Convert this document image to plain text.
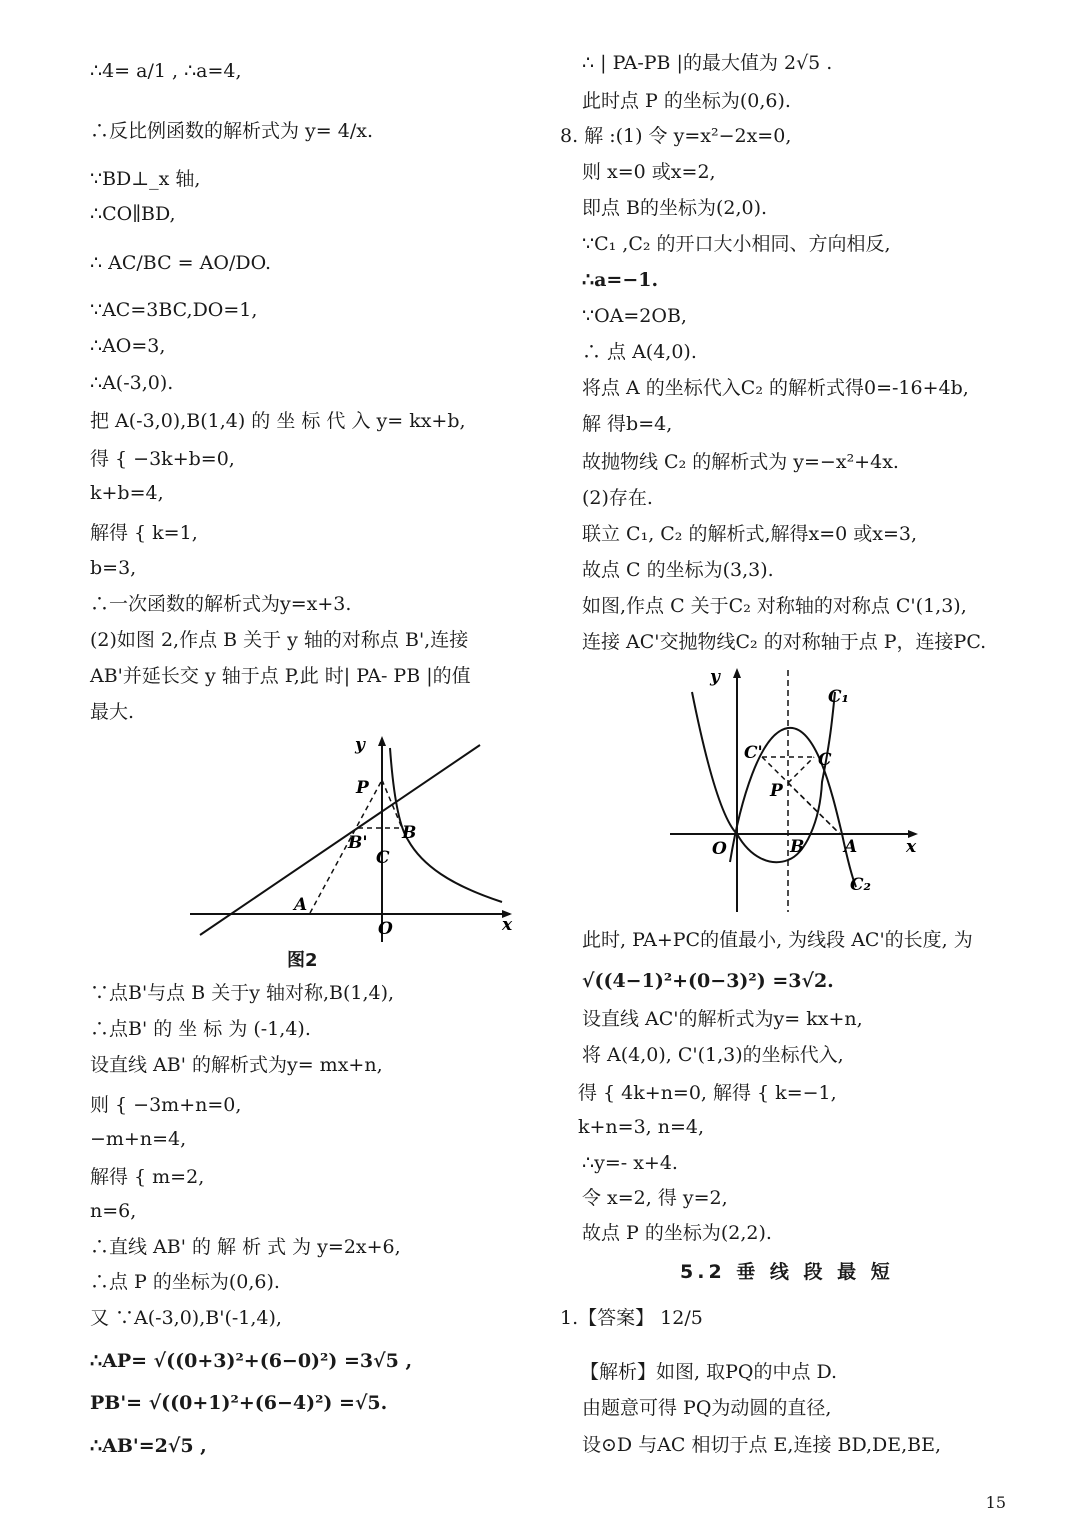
∴4= a/1 , ∴a=4,
∴反比例函数的解析式为 y= 4/x.
∵BD⊥_x 轴,
∴CO∥BD,
∴ AC/BC = AO/DO.
∵AC=3BC,DO=1,
∴AO=3,
∴A(-3,0).
把 A(-3,0),B(1,4) 的 坐 标 代 入 y= kx+b,
得 { −3k+b=0,
k+b=4,
解得 { k=1,
b=3,
∴一次函数的解析式为y=x+3.
(2)如图 2,作点 B 关于 y 轴的对称点 B',连接
AB'并延长交 y 轴于点 P,此 时| PA- PB |的值
最大.
y
x
P
B
B'
C
A
O
图2
∵点B'与点 B 关于y 轴对称,B(1,4),
∴点B' 的 坐 标 为 (-1,4).
设直线 AB' 的解析式为y= mx+n,
则 { −3m+n=0,
−m+n=4,
解得 { m=2,
n=6,
∴直线 AB' 的 解 析 式 为 y=2x+6,
∴点 P 的坐标为(0,6).
又 ∵A(-3,0),B'(-1,4),
∴AP= √((0+3)²+(6−0)²) =3√5 ,
PB'= √((0+1)²+(6−4)²) =√5.
∴AB'=2√5 ,
∴ | PA-PB |的最大值为 2√5 .
此时点 P 的坐标为(0,6).
8. 解 :(1) 令 y=x²−2x=0,
则 x=0 或x=2,
即点 B的坐标为(2,0).
∵C₁ ,C₂ 的开口大小相同、方向相反,
∴a=−1.
∵OA=2OB,
∴ 点 A(4,0).
将点 A 的坐标代入C₂ 的解析式得0=-16+4b,
解 得b=4,
故抛物线 C₂ 的解析式为 y=−x²+4x.
(2)存在.
联立 C₁, C₂ 的解析式,解得x=0 或x=3,
故点 C 的坐标为(3,3).
如图,作点 C 关于C₂ 对称轴的对称点 C'(1,3),
连接 AC'交抛物线C₂ 的对称轴于点 P，连接PC.
y
x
C₁
C₂
C'	C
P
O	B A
此时, PA+PC的值最小, 为线段 AC'的长度, 为
√((4−1)²+(0−3)²) =3√2.
设直线 AC'的解析式为y= kx+n,
将 A(4,0), C'(1,3)的坐标代入,
得 { 4k+n=0, 解得 { k=−1,
k+n=3, n=4,
∴y=- x+4.
令 x=2, 得 y=2,
故点 P 的坐标为(2,2).
5.2 垂 线 段 最 短
1.【答案】 12/5
【解析】如图, 取PQ的中点 D.
由题意可得 PQ为动圆的直径,
设⊙D 与AC 相切于点 E,连接 BD,DE,BE,
15
